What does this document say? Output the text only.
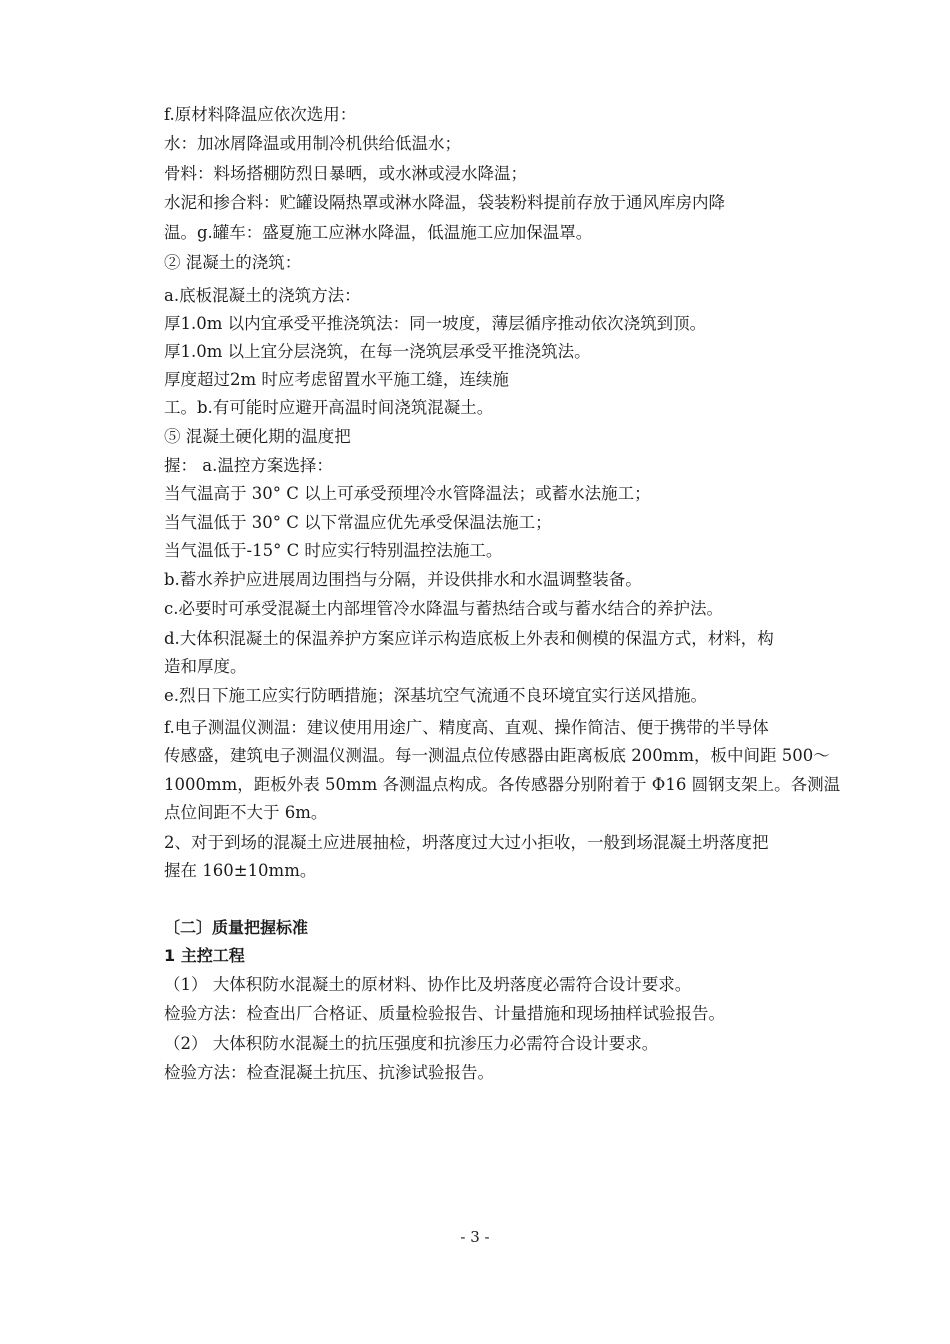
f.原材料降温应依次选用：
水：加冰屑降温或用制冷机供给低温水；
骨料：料场搭棚防烈日暴晒，或水淋或浸水降温；
水泥和掺合料：贮罐设隔热罩或淋水降温，袋装粉料提前存放于通风库房内降
温。g.罐车：盛夏施工应淋水降温，低温施工应加保温罩。
② 混凝土的浇筑：
a.底板混凝土的浇筑方法：
厚1.0m 以内宜承受平推浇筑法：同一坡度，薄层循序推动依次浇筑到顶。
厚1.0m 以上宜分层浇筑，在每一浇筑层承受平推浇筑法。
厚度超过2m 时应考虑留置水平施工缝，连续施
工。b.有可能时应避开高温时间浇筑混凝土。
⑤ 混凝土硬化期的温度把
握： a.温控方案选择：
当气温高于 30° C 以上可承受预埋冷水管降温法；或蓄水法施工；
当气温低于 30° C 以下常温应优先承受保温法施工；
当气温低于-15° C 时应实行特别温控法施工。
b.蓄水养护应进展周边围挡与分隔，并设供排水和水温调整装备。
c.必要时可承受混凝土内部埋管冷水降温与蓄热结合或与蓄水结合的养护法。
d.大体积混凝土的保温养护方案应详示构造底板上外表和侧模的保温方式，材料，构
造和厚度。
e.烈日下施工应实行防晒措施；深基坑空气流通不良环境宜实行送风措施。
f.电子测温仪测温：建议使用用途广、精度高、直观、操作简洁、便于携带的半导体
传感盛，建筑电子测温仪测温。每一测温点位传感器由距离板底 200mm，板中间距 500～
1000mm，距板外表 50mm 各测温点构成。各传感器分别附着于 Φ16 圆钢支架上。各测温
点位间距不大于 6m。
2、对于到场的混凝土应进展抽检，坍落度过大过小拒收，一般到场混凝土坍落度把
握在 160±10mm。
〔二〕质量把握标准
1 主控工程
（1） 大体积防水混凝土的原材料、协作比及坍落度必需符合设计要求。
检验方法：检查出厂合格证、质量检验报告、计量措施和现场抽样试验报告。
（2） 大体积防水混凝土的抗压强度和抗渗压力必需符合设计要求。
检验方法：检查混凝土抗压、抗渗试验报告。
- 3 -
